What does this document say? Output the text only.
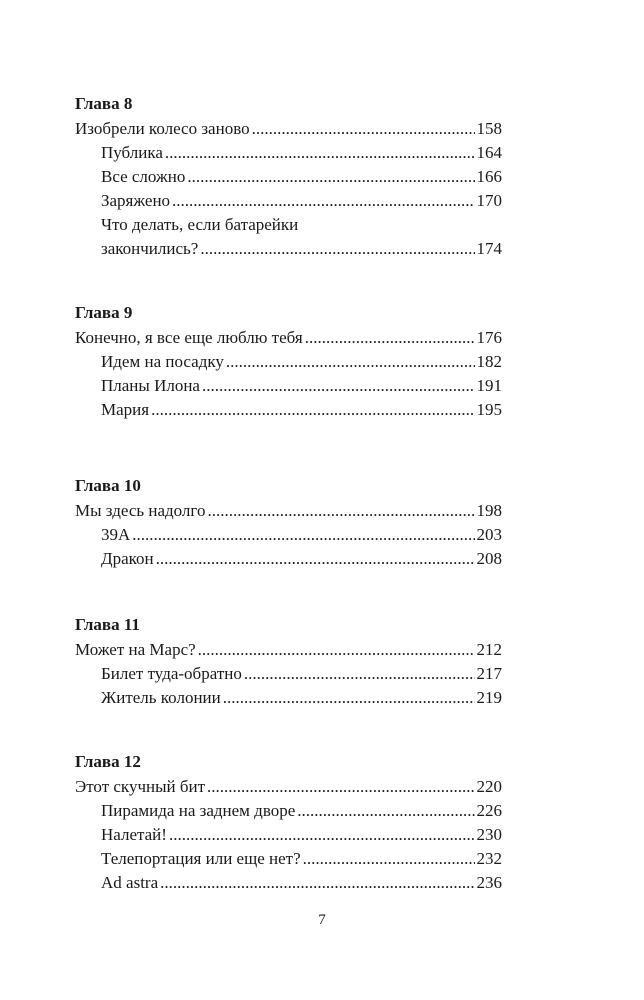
Глава 8
Изобрели колесо заново .....	158
Публика .....	164
Все сложно .....	166
Заряжено .....	170
Что делать, если батарейки
закончились? .....	174
Глава 9
Конечно, я все еще люблю тебя .....	176
Идем на посадку .....	182
Планы Илона .....	191
Мария .....	195
Глава 10
Мы здесь надолго .....	198
39A .....	203
Дракон .....	208
Глава 11
Может на Марс? .....	212
Билет туда-обратно .....	217
Житель колонии .....	219
Глава 12
Этот скучный бит .....	220
Пирамида на заднем дворе .....	226
Налетай! .....	230
Телепортация или еще нет? .....	232
Ad astra .....	236
7
